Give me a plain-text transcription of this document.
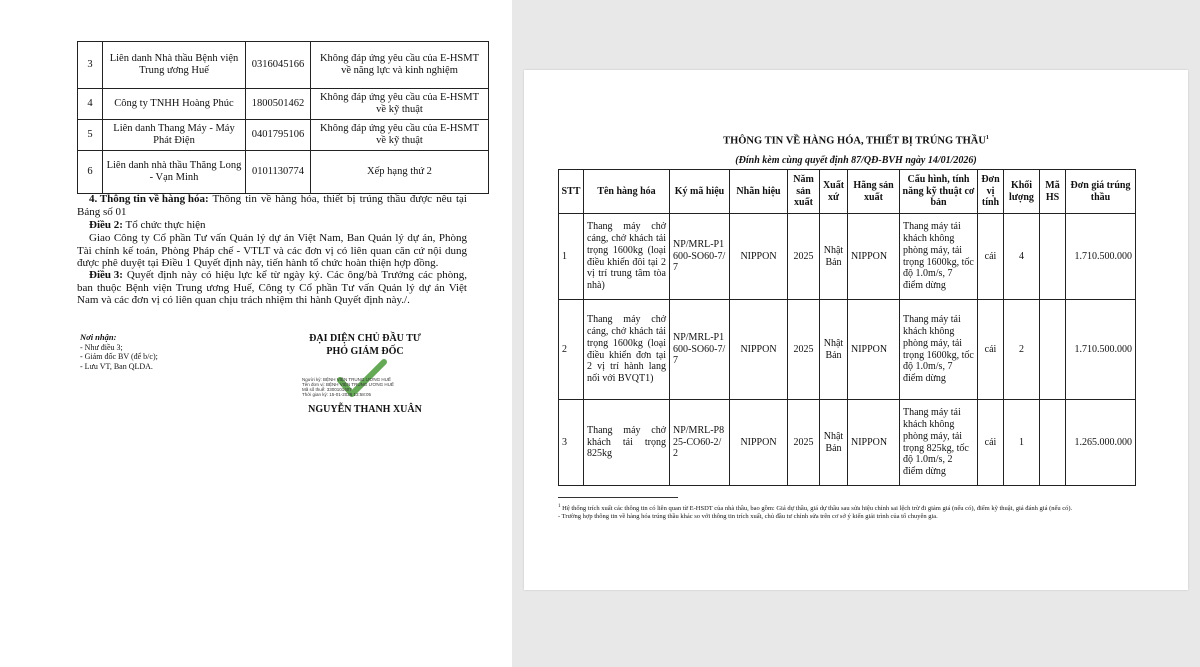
3	Liên danh Nhà thầu Bệnh viện Trung ương Huế	0316045166	Không đáp ứng yêu cầu của E-HSMT về năng lực và kinh nghiệm
4	Công ty TNHH Hoàng Phúc	1800501462	Không đáp ứng yêu cầu của E-HSMT về kỹ thuật
5	Liên danh Thang Máy - Máy Phát Điện	0401795106	Không đáp ứng yêu cầu của E-HSMT về kỹ thuật
6	Liên danh nhà thầu Thăng Long - Vạn Minh	0101130774	Xếp hạng thứ 2
4. Thông tin về hàng hóa: Thông tin về hàng hóa, thiết bị trúng thầu được nêu tại Bảng số 01
Điều 2: Tổ chức thực hiện
Giao Công ty Cổ phần Tư vấn Quản lý dự án Việt Nam, Ban Quản lý dự án, Phòng Tài chính kế toán, Phòng Pháp chế - VTLT và các đơn vị có liên quan căn cứ nội dung được phê duyệt tại Điều 1 Quyết định này, tiến hành tổ chức hoàn thiện hợp đồng.
Điều 3: Quyết định này có hiệu lực kể từ ngày ký. Các ông/bà Trưởng các phòng, ban thuộc Bệnh viện Trung ương Huế, Công ty Cổ phần Tư vấn Quản lý dự án Việt Nam và các đơn vị có liên quan chịu trách nhiệm thi hành Quyết định này./.
Nơi nhận:
- Như điều 3;
- Giám đốc BV (để b/c);
- Lưu VT, Ban QLDA.
ĐẠI DIỆN CHỦ ĐẦU TƯ
PHÓ GIÁM ĐỐC
Người ký: BỆNH VIỆN TRUNG ƯƠNG HUẾ
Tên đơn vị: BỆNH VIỆN TRUNG ƯƠNG HUẾ
Mã số thuế: 3300101407
Thời gian ký: 15-01-2026 13:58:05
NGUYỄN THANH XUÂN
THÔNG TIN VỀ HÀNG HÓA, THIẾT BỊ TRÚNG THẦU$^1$
(Đính kèm cùng quyết định 87/QĐ-BVH ngày 14/01/2026)
STT	Tên hàng hóa	Ký mã hiệu	Nhãn hiệu	Năm sản xuất	Xuất xứ	Hãng sản xuất	Cấu hình, tính năng kỹ thuật cơ bản	Đơn vị tính	Khối lượng	Mã HS	Đơn giá trúng thầu
1	Thang máy chở cáng, chở khách tải trọng 1600kg (loại điều khiển đôi tại 2 vị trí trung tâm tòa nhà)	NP/MRL-P1600-SO60-7/7	NIPPON	2025	Nhật Bản	NIPPON	Thang máy tải khách không phòng máy, tải trọng 1600kg, tốc độ 1.0m/s, 7 điểm dừng	cái	4		1.710.500.000
2	Thang máy chở cáng, chở khách tải trọng 1600kg (loại điều khiển đơn tại 2 vị trí hành lang nối với BVQT1)	NP/MRL-P1600-SO60-7/7	NIPPON	2025	Nhật Bản	NIPPON	Thang máy tải khách không phòng máy, tải trọng 1600kg, tốc độ 1.0m/s, 7 điểm dừng	cái	2		1.710.500.000
3	Thang máy chở khách tải trọng 825kg	NP/MRL-P825-CO60-2/2	NIPPON	2025	Nhật Bản	NIPPON	Thang máy tải khách không phòng máy, tải trọng 825kg, tốc độ 1.0m/s, 2 điểm dừng	cái	1		1.265.000.000
$^1$ Hệ thống trích xuất các thông tin có liên quan từ E-HSDT của nhà thầu, bao gồm: Giá dự thầu, giá dự thầu sau sửa hiệu chỉnh sai lệch trừ đi giảm giá (nếu có), điểm kỹ thuật, giá đánh giá (nếu có).
- Trường hợp thông tin về hàng hóa trúng thầu khác so với thông tin trích xuất, chủ đầu tư chỉnh sửa trên cơ sở ý kiến giải trình của tổ chuyên gia.
